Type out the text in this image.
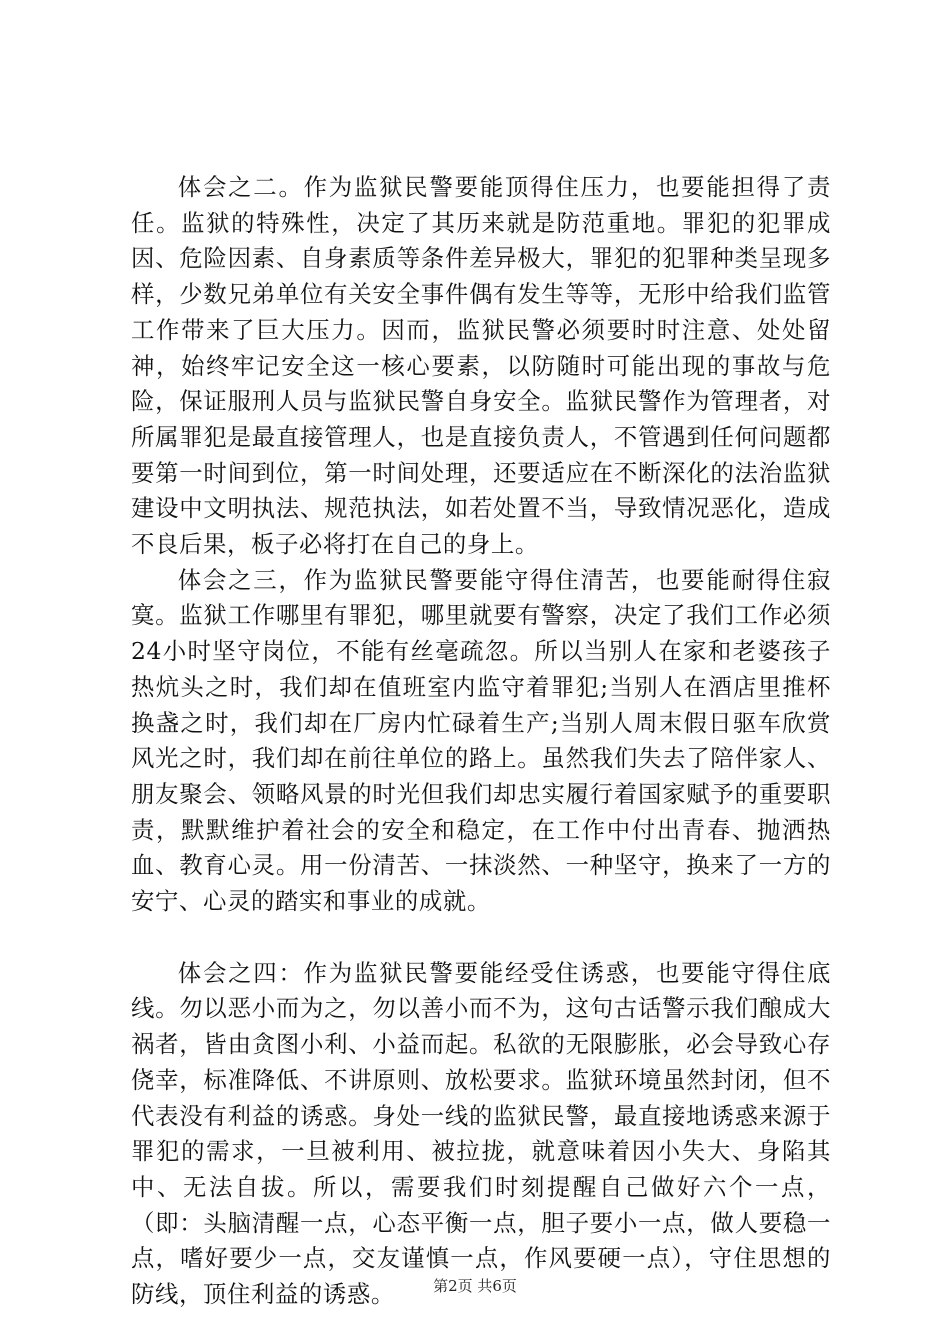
体会之二。作为监狱民警要能顶得住压力，也要能担得了责任。监狱的特殊性，决定了其历来就是防范重地。罪犯的犯罪成因、危险因素、自身素质等条件差异极大，罪犯的犯罪种类呈现多样，少数兄弟单位有关安全事件偶有发生等等，无形中给我们监管工作带来了巨大压力。因而，监狱民警必须要时时注意、处处留神，始终牢记安全这一核心要素，以防随时可能出现的事故与危险，保证服刑人员与监狱民警自身安全。监狱民警作为管理者，对所属罪犯是最直接管理人，也是直接负责人，不管遇到任何问题都要第一时间到位，第一时间处理，还要适应在不断深化的法治监狱建设中文明执法、规范执法，如若处置不当，导致情况恶化，造成不良后果，板子必将打在自己的身上。

体会之三，作为监狱民警要能守得住清苦，也要能耐得住寂寞。监狱工作哪里有罪犯，哪里就要有警察，决定了我们工作必须24小时坚守岗位，不能有丝毫疏忽。所以当别人在家和老婆孩子热炕头之时，我们却在值班室内监守着罪犯;当别人在酒店里推杯换盏之时，我们却在厂房内忙碌着生产;当别人周末假日驱车欣赏风光之时，我们却在前往单位的路上。虽然我们失去了陪伴家人、朋友聚会、领略风景的时光但我们却忠实履行着国家赋予的重要职责，默默维护着社会的安全和稳定，在工作中付出青春、抛洒热血、教育心灵。用一份清苦、一抹淡然、一种坚守，换来了一方的安宁、心灵的踏实和事业的成就。

体会之四：作为监狱民警要能经受住诱惑，也要能守得住底线。勿以恶小而为之，勿以善小而不为，这句古话警示我们酿成大祸者，皆由贪图小利、小益而起。私欲的无限膨胀，必会导致心存侥幸，标准降低、不讲原则、放松要求。监狱环境虽然封闭，但不代表没有利益的诱惑。身处一线的监狱民警，最直接地诱惑来源于罪犯的需求，一旦被利用、被拉拢，就意味着因小失大、身陷其中、无法自拔。所以，需要我们时刻提醒自己做好六个一点，（即：头脑清醒一点，心态平衡一点，胆子要小一点，做人要稳一点，嗜好要少一点，交友谨慎一点，作风要硬一点），守住思想的防线，顶住利益的诱惑。	第2页 共6页
